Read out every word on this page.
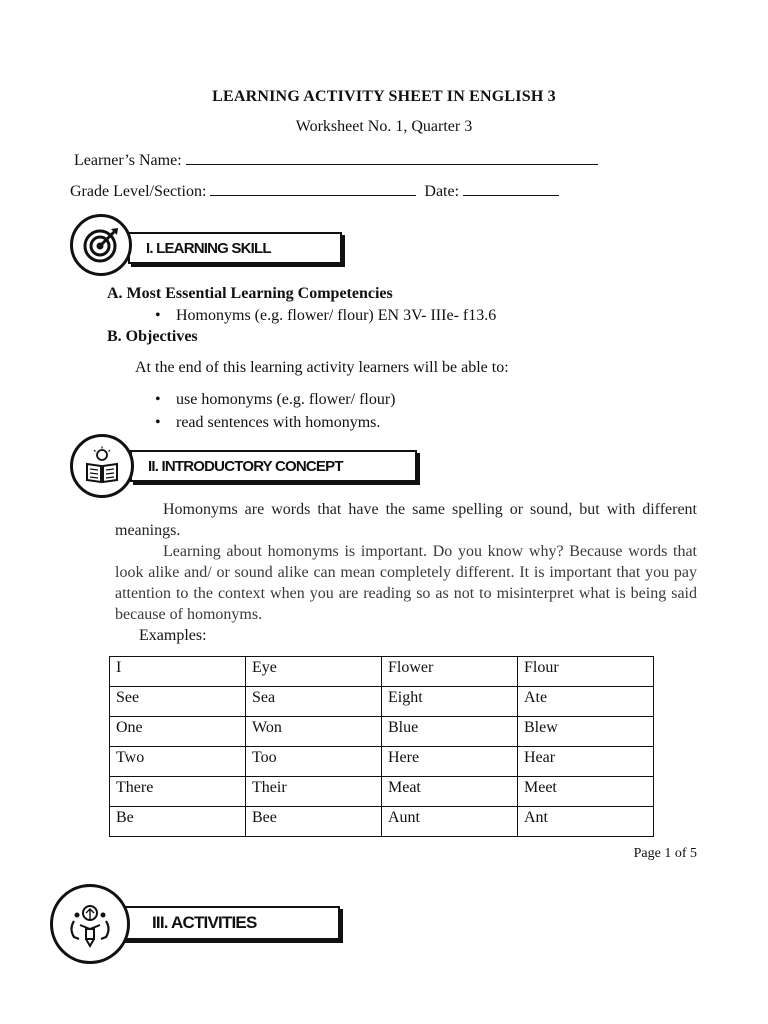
LEARNING ACTIVITY SHEET IN ENGLISH 3
Worksheet No. 1, Quarter 3
Learner’s Name:
Grade Level/Section:	Date:
I. LEARNING SKILL
A. Most Essential Learning Competencies
• Homonyms (e.g. flower/ flour) EN 3V- IIIe- f13.6
B. Objectives
At the end of this learning activity learners will be able to:
• use homonyms (e.g. flower/ flour)
• read sentences with homonyms.
II. INTRODUCTORY CONCEPT

Homonyms are words that have the same spelling or sound, but with different meanings.

Learning about homonyms is important. Do you know why? Because words that look alike and/ or sound alike can mean completely different. It is important that you pay attention to the context when you are reading so as not to misinterpret what is being said because of homonyms.

Examples:
I	Eye	Flower	Flour
See	Sea	Eight	Ate
One	Won	Blue	Blew
Two	Too	Here	Hear
There	Their	Meat	Meet
Be	Bee	Aunt	Ant
Page 1 of 5
III. ACTIVITIES
